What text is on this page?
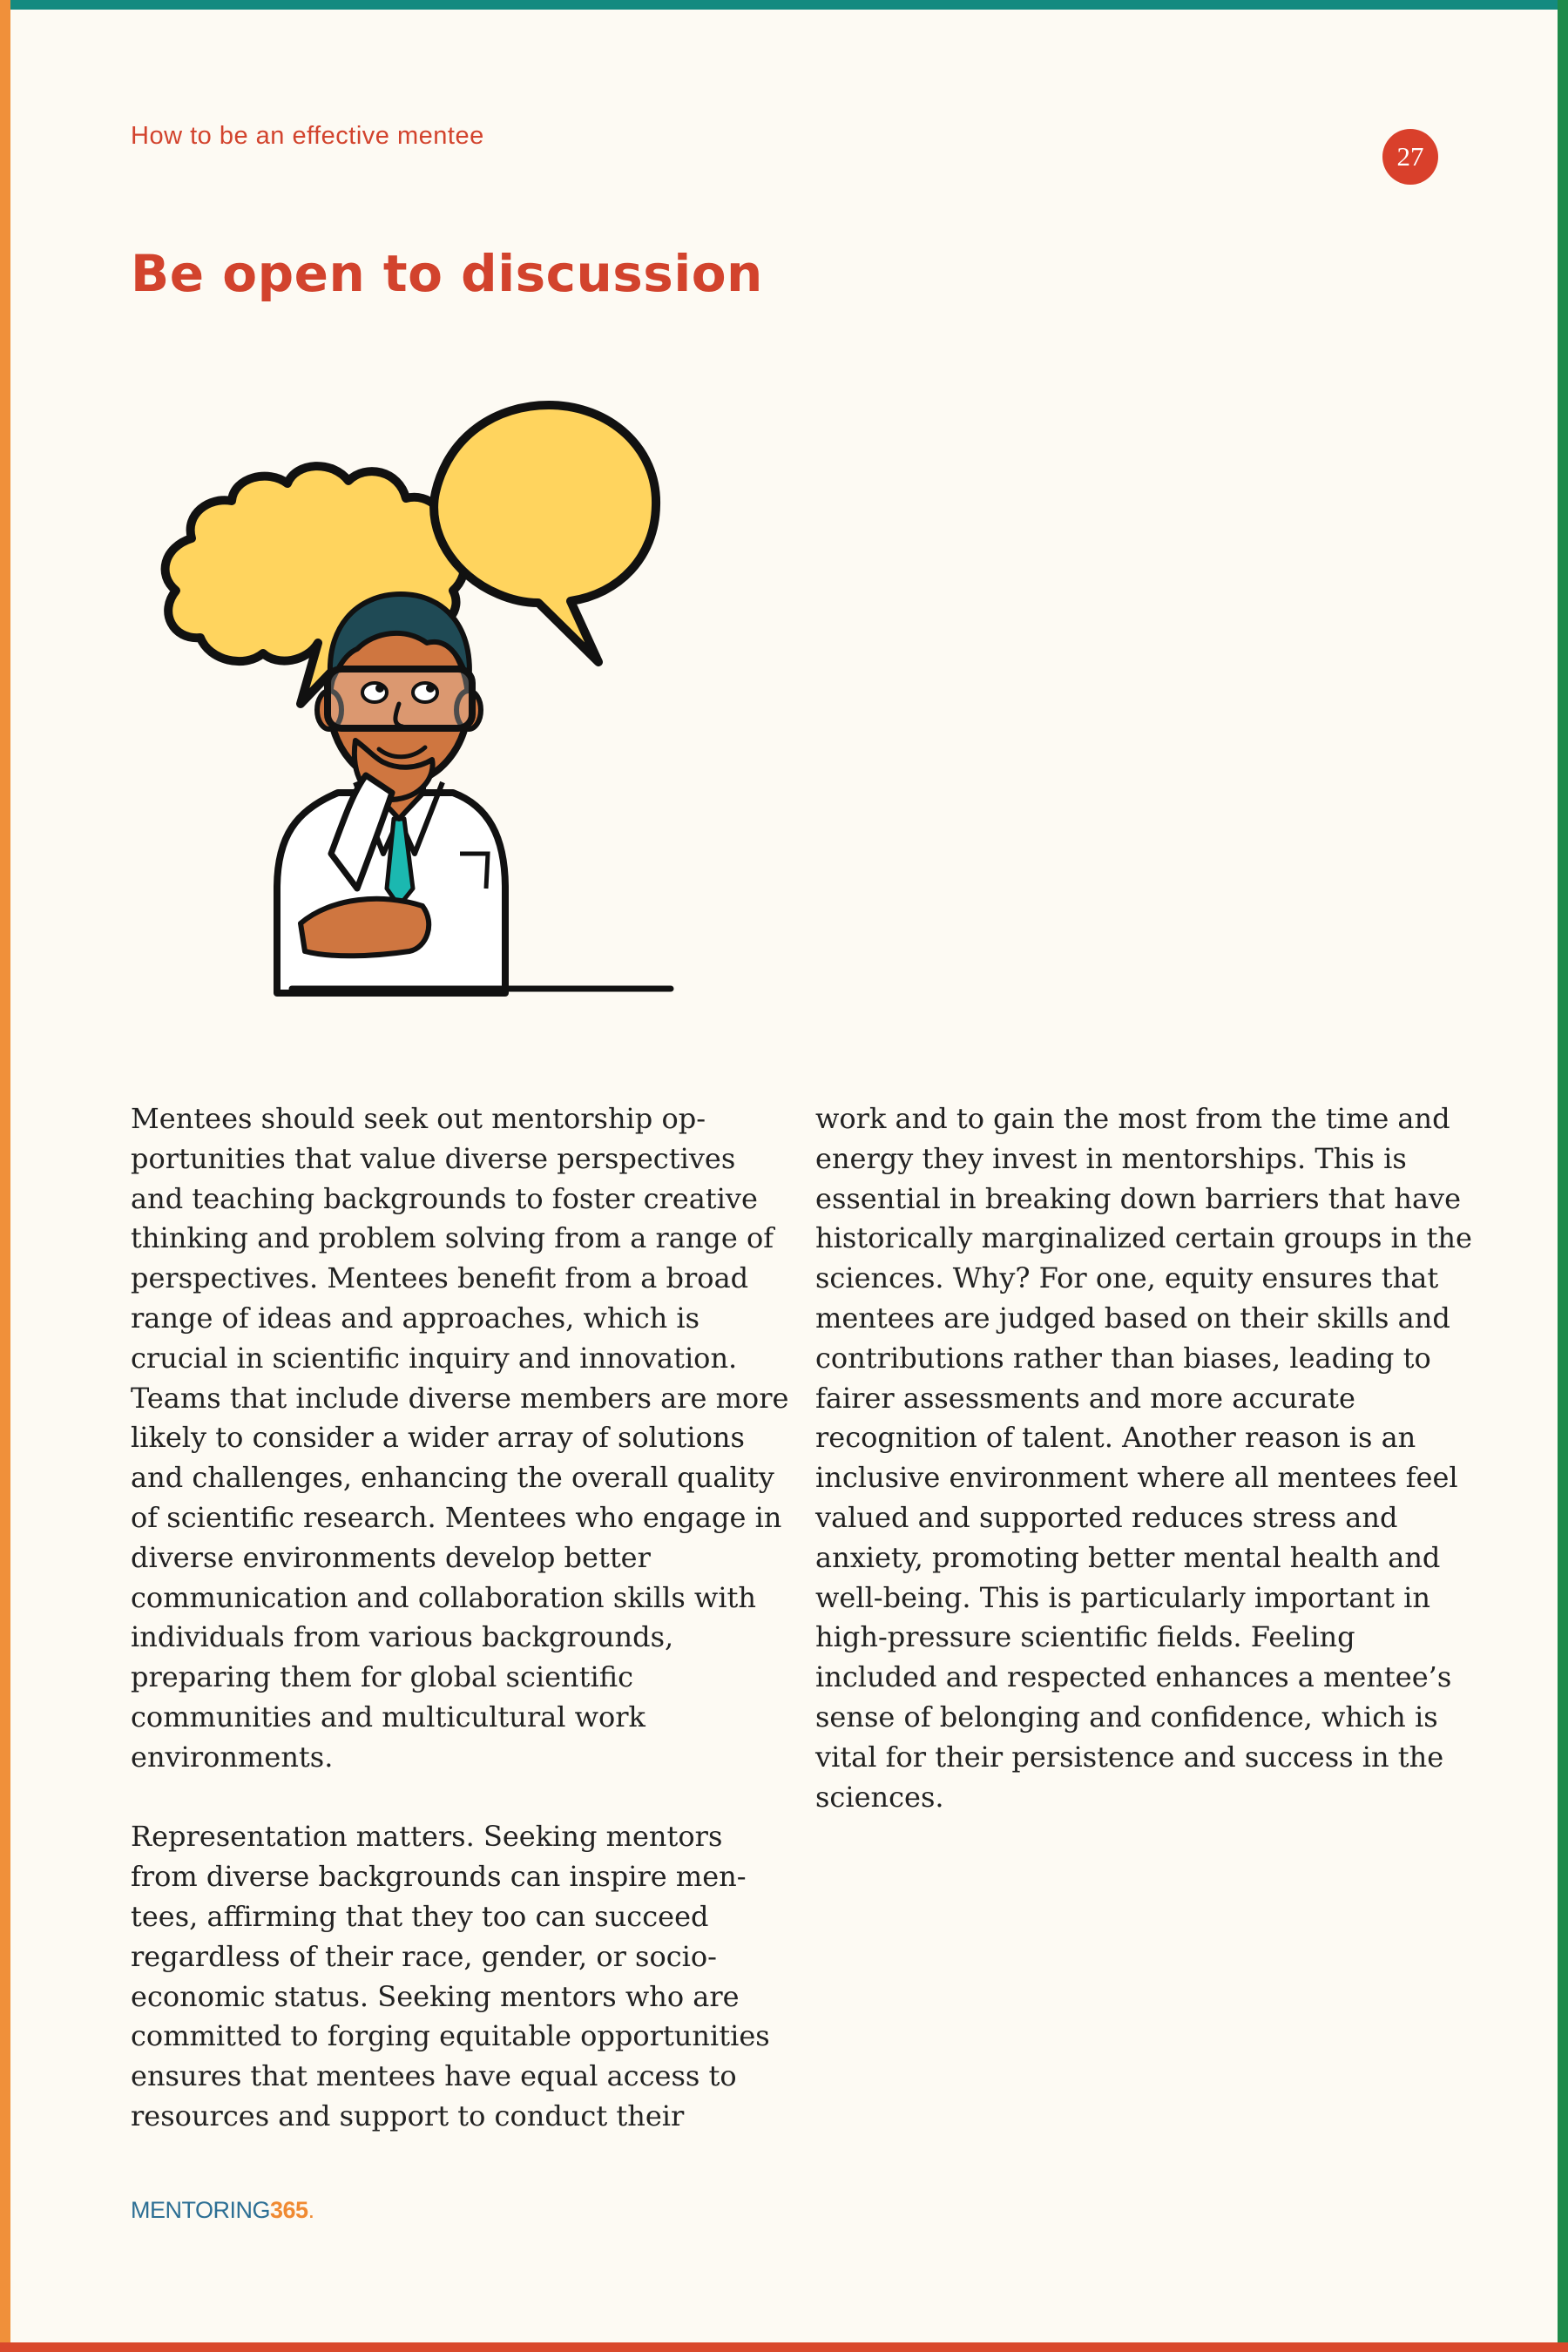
How to be an effective mentee
27
Be open to discussion

Mentees should seek out mentorship opportunities that value diverse perspectives and teaching backgrounds to foster creative thinking and problem solving from a range of perspectives. Mentees benefit from a broad range of ideas and approaches, which is crucial in scientific inquiry and innovation. Teams that include diverse members are more likely to consider a wider array of solutions and challenges, enhancing the overall quality of scientific research. Mentees who engage in diverse environments develop better communication and collaboration skills with individuals from various backgrounds, preparing them for global scientific communities and multicultural work environments.

Representation matters. Seeking mentors from diverse backgrounds can inspire mentees, affirming that they too can succeed regardless of their race, gender, or socioeconomic status. Seeking mentors who are committed to forging equitable opportunities ensures that mentees have equal access to resources and support to conduct their

work and to gain the most from the time and energy they invest in mentorships. This is essential in breaking down barriers that have historically marginalized certain groups in the sciences. Why? For one, equity ensures that mentees are judged based on their skills and contributions rather than biases, leading to fairer assessments and more accurate recognition of talent. Another reason is an inclusive environment where all mentees feel valued and supported reduces stress and anxiety, promoting better mental health and well-being. This is particularly important in high-pressure scientific fields. Feeling included and respected enhances a mentee’s sense of belonging and confidence, which is vital for their persistence and success in the sciences.

MENTORING365.
